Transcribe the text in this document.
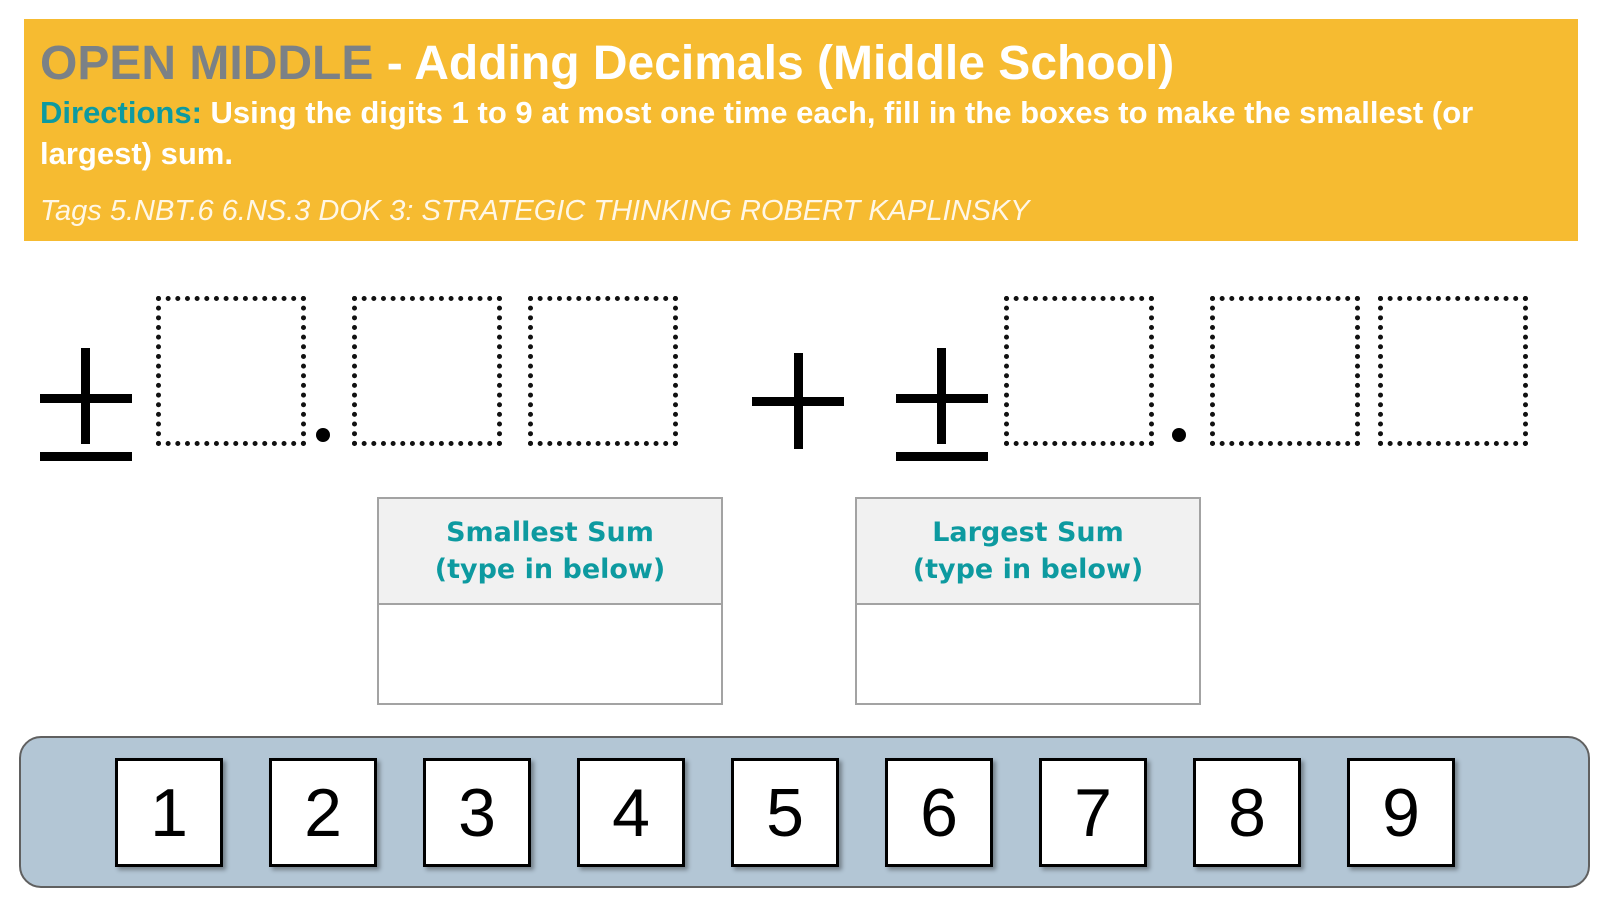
OPEN MIDDLE - Adding Decimals (Middle School)
Directions: Using the digits 1 to 9 at most one time each, fill in the boxes to make the smallest (or largest) sum.
Tags 5.NBT.6 6.NS.3 DOK 3: STRATEGIC THINKING ROBERT KAPLINSKY
Smallest Sum
(type in below)
Largest Sum
(type in below)
1	2	3	4	5	6	7	8	9
